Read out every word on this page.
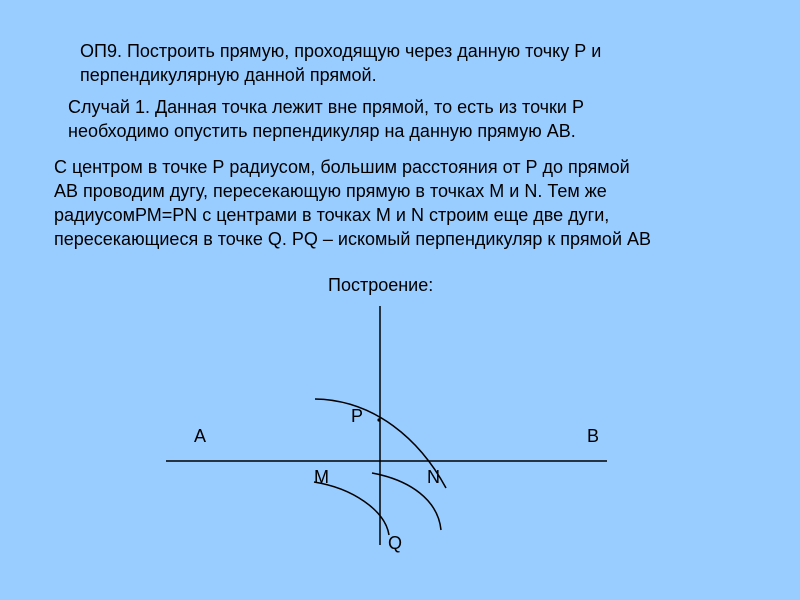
ОП9. Построить прямую, проходящую через данную точку Р и
перпендикулярную данной прямой.
Случай 1. Данная точка лежит вне прямой, то есть из точки Р
необходимо опустить перпендикуляр на данную прямую АВ.
С центром в точке Р радиусом, большим расстояния от Р до прямой
АВ проводим дугу, пересекающую прямую в точках М и N. Тем же
радиусомРМ=PN с центрами в точках М и N строим еще две дуги,
пересекающиеся в точке Q. PQ – искомый перпендикуляр к прямой АВ
Построение:
А	В
Р
М	N
Q
